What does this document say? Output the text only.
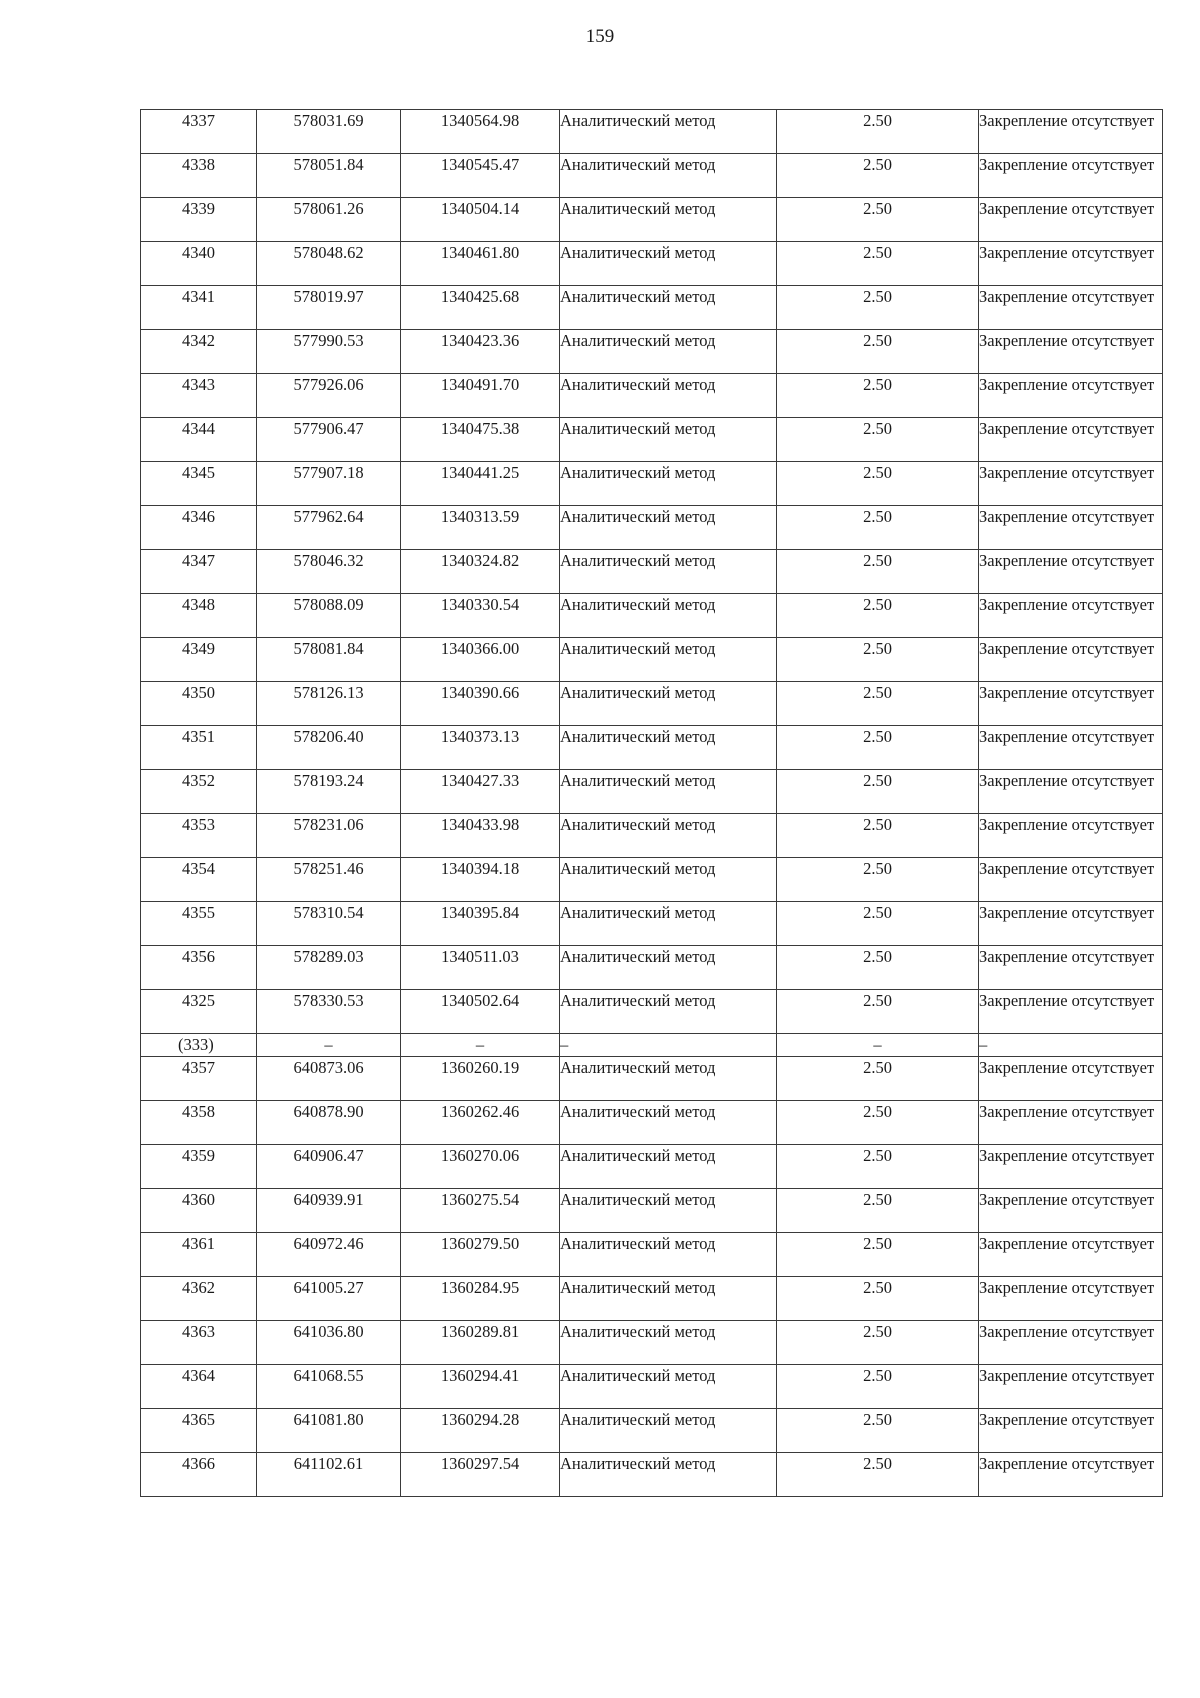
159
4337	578031.69	1340564.98	Аналитический метод	2.50	Закрепление отсутствует
4338	578051.84	1340545.47	Аналитический метод	2.50	Закрепление отсутствует
4339	578061.26	1340504.14	Аналитический метод	2.50	Закрепление отсутствует
4340	578048.62	1340461.80	Аналитический метод	2.50	Закрепление отсутствует
4341	578019.97	1340425.68	Аналитический метод	2.50	Закрепление отсутствует
4342	577990.53	1340423.36	Аналитический метод	2.50	Закрепление отсутствует
4343	577926.06	1340491.70	Аналитический метод	2.50	Закрепление отсутствует
4344	577906.47	1340475.38	Аналитический метод	2.50	Закрепление отсутствует
4345	577907.18	1340441.25	Аналитический метод	2.50	Закрепление отсутствует
4346	577962.64	1340313.59	Аналитический метод	2.50	Закрепление отсутствует
4347	578046.32	1340324.82	Аналитический метод	2.50	Закрепление отсутствует
4348	578088.09	1340330.54	Аналитический метод	2.50	Закрепление отсутствует
4349	578081.84	1340366.00	Аналитический метод	2.50	Закрепление отсутствует
4350	578126.13	1340390.66	Аналитический метод	2.50	Закрепление отсутствует
4351	578206.40	1340373.13	Аналитический метод	2.50	Закрепление отсутствует
4352	578193.24	1340427.33	Аналитический метод	2.50	Закрепление отсутствует
4353	578231.06	1340433.98	Аналитический метод	2.50	Закрепление отсутствует
4354	578251.46	1340394.18	Аналитический метод	2.50	Закрепление отсутствует
4355	578310.54	1340395.84	Аналитический метод	2.50	Закрепление отсутствует
4356	578289.03	1340511.03	Аналитический метод	2.50	Закрепление отсутствует
4325	578330.53	1340502.64	Аналитический метод	2.50	Закрепление отсутствует
(333)	–	–	–	–	–
4357	640873.06	1360260.19	Аналитический метод	2.50	Закрепление отсутствует
4358	640878.90	1360262.46	Аналитический метод	2.50	Закрепление отсутствует
4359	640906.47	1360270.06	Аналитический метод	2.50	Закрепление отсутствует
4360	640939.91	1360275.54	Аналитический метод	2.50	Закрепление отсутствует
4361	640972.46	1360279.50	Аналитический метод	2.50	Закрепление отсутствует
4362	641005.27	1360284.95	Аналитический метод	2.50	Закрепление отсутствует
4363	641036.80	1360289.81	Аналитический метод	2.50	Закрепление отсутствует
4364	641068.55	1360294.41	Аналитический метод	2.50	Закрепление отсутствует
4365	641081.80	1360294.28	Аналитический метод	2.50	Закрепление отсутствует
4366	641102.61	1360297.54	Аналитический метод	2.50	Закрепление отсутствует
